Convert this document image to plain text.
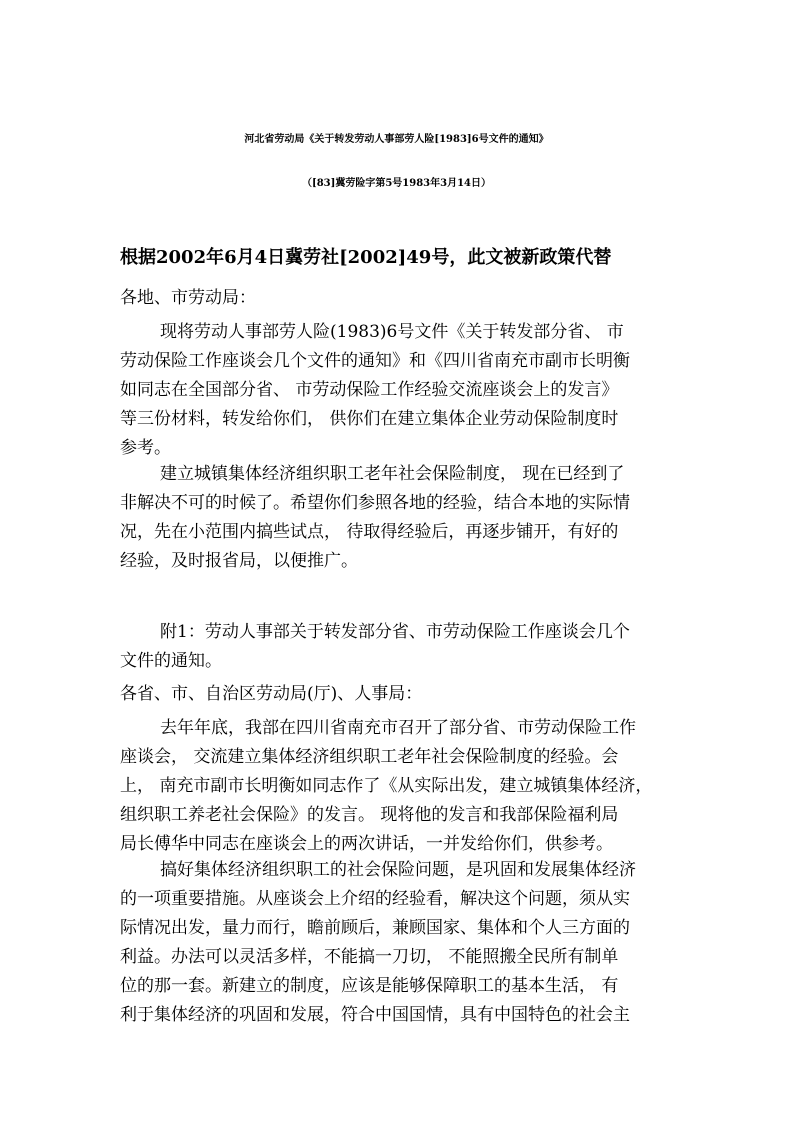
河北省劳动局《关于转发劳动人事部劳人险[1983]6号文件的通知》
（[83]冀劳险字第5号1983年3月14日）
根据2002年6月4日冀劳社[2002]49号，此文被新政策代替
各地、市劳动局：
现将劳动人事部劳人险(1983)6号文件《关于转发部分省、 市
劳动保险工作座谈会几个文件的通知》和《四川省南充市副市长明衡
如同志在全国部分省、 市劳动保险工作经验交流座谈会上的发言》
等三份材料，转发给你们， 供你们在建立集体企业劳动保险制度时
参考。
建立城镇集体经济组织职工老年社会保险制度， 现在已经到了
非解决不可的时候了。希望你们参照各地的经验，结合本地的实际情
况，先在小范围内搞些试点， 待取得经验后，再逐步铺开，有好的
经验，及时报省局，以便推广。
附1：劳动人事部关于转发部分省、市劳动保险工作座谈会几个
文件的通知。
各省、市、自治区劳动局(厅)、人事局：
去年年底，我部在四川省南充市召开了部分省、市劳动保险工作
座谈会， 交流建立集体经济组织职工老年社会保险制度的经验。会
上， 南充市副市长明衡如同志作了《从实际出发，建立城镇集体经济，
组织职工养老社会保险》的发言。 现将他的发言和我部保险福利局
局长傅华中同志在座谈会上的两次讲话，一并发给你们，供参考。
搞好集体经济组织职工的社会保险问题，是巩固和发展集体经济
的一项重要措施。从座谈会上介绍的经验看，解决这个问题，须从实
际情况出发，量力而行，瞻前顾后，兼顾国家、集体和个人三方面的
利益。办法可以灵活多样，不能搞一刀切， 不能照搬全民所有制单
位的那一套。新建立的制度，应该是能够保障职工的基本生活， 有
利于集体经济的巩固和发展，符合中国国情，具有中国特色的社会主
